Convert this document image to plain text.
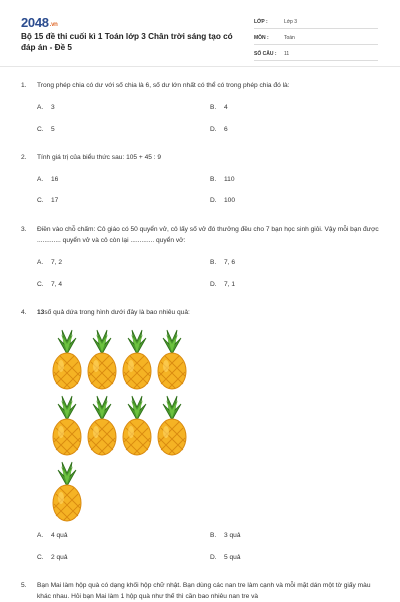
2048.vn
Bộ 15 đề thi cuối kì 1 Toán lớp 3 Chân trời sáng tạo có đáp án - Đề 5
LỚP :	Lớp 3
MÔN :	Toán
SỐ CÂU :	11
1. Trong phép chia có dư với số chia là 6, số dư lớn nhất có thể có trong phép chia đó là:
A. 3	B. 4
C. 5	D. 6
2. Tính giá trị của biểu thức sau: 105 + 45 : 9
A. 16	B. 110
C. 17	D. 100
3. Điền vào chỗ chấm: Cô giáo có 50 quyển vở, cô lấy số vở đó thưởng đều cho 7 bạn học sinh giỏi. Vậy mỗi bạn được ............. quyển vở và cô còn lại ............. quyển vở:
A. 7, 2	B. 7, 6
C. 7, 4	D. 7, 1
4. 13số quả dứa trong hình dưới đây là bao nhiêu quả:
A. 4 quả	B. 3 quả
C. 2 quả	D. 5 quả
5. Bạn Mai làm hộp quà có dạng khối hộp chữ nhật. Bạn dùng các nan tre làm cạnh và mỗi mặt dán một tờ giấy màu khác nhau. Hỏi bạn Mai làm 1 hộp quà như thế thì cần bao nhiêu nan tre và
